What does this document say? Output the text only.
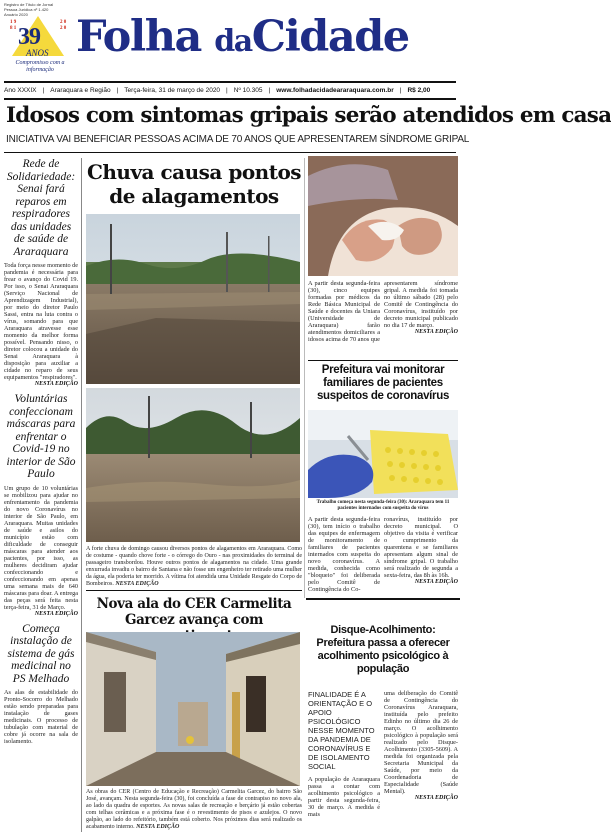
Registro de Título de Jornal Pessoa Jurídica nº 1.420 Anuário 2020
1 9 8 1
2 0 2 0
39
ANOS
Compromisso com a informação
Folha daCidade
Ano XXXIX | Araraquara e Região | Terça-feira, 31 de março de 2020 | Nº 10.305 | www.folhadacidadeararaquara.com.br | R$ 2,00
Idosos com sintomas gripais serão atendidos em casa
INICIATIVA VAI BENEFICIAR PESSOAS ACIMA DE 70 ANOS QUE APRESENTAREM SÍNDROME GRIPAL
Rede de Solidariedade: Senai fará reparos em respiradores das unidades de saúde de Araraquara
Toda força nesse momento de pandemia é necessária para frear o avanço do Covid 19. Por isso, o Senai Araraquara (Serviço Nacional de Aprendizagem Industrial), por meio do diretor Paulo Sassi, entra na luta contra o vírus, somando para que Araraquara atravesse esse momento da melhor forma possível. Pensando nisso, o diretor colocou a unidade do Senai Araraquara à disposição para auxiliar a cidade no reparo de seus equipamentos "respiradores".
NESTA EDIÇÃO
Voluntárias confeccionam máscaras para enfrentar o Covid-19 no interior de São Paulo
Um grupo de 10 voluntárias se mobilizou para ajudar no enfrentamento da pandemia do novo Coronavírus no interior de São Paulo, em Araraquara. Muitas unidades de saúde e asilos do município estão com dificuldade de conseguir máscaras para atender aos pacientes, por isso, as mulheres decidiram ajudar confeccionando e confeccionando em apenas uma semana mais de 640 máscaras para doar. A entrega das peças será feita nesta terça-feira, 31 de Março.
NESTA EDIÇÃO
Começa instalação de sistema de gás medicinal no PS Melhado
As alas de estabilidade do Pronto-Socorro do Melhado estão sendo preparadas para instalação de gases medicinais. O processo de tubulação com material de cobre já ocorre na sala de isolamento.
Chuva causa pontos de alagamentos
A forte chuva de domingo causou diversos pontos de alagamentos em Araraquara. Como de costume - quando chove forte - o córrego do Ouro - nas proximidades do terminal de passageiro transbordou. Houve outros pontos de alagamentos na cidade. Uma grande enxurrada invadiu o bairro de Santana e não fosse um engenheiro ter retirado uma mulher da água, ela poderia ter morrido. A vítima foi atendida uma Unidade Resgate do Corpo de Bombeiros. NESTA EDIÇÃO
Nova ala do CER Carmelita Garcez avança com
As obras do CER (Centro de Educação e Recreação) Carmelita Garcez, do bairro São José, avançam. Nesta segunda-feira (30), foi concluída a fase de contrapiso no novo ala, ao lado da quadra de esportes. As novas salas de recreação e berçário já estão cobertas com telhas cerâmicas e a próxima fase é o revestimento de pisos e azulejos. O novo galpão, ao lado do refeitório, também está coberto. Nos próximos dias será realizado os acabamento interno. NESTA EDIÇÃO
A partir desta segunda-feira (30), cinco equipes formadas por médicos da Rede Básica Municipal de Saúde e docentes da Uniara (Universidade de Araraquara) farão atendimentos domiciliares a idosos acima de 70 anos que
apresentarem síndrome gripal. A medida foi tomada no último sábado (28) pelo Comitê de Contingência do Coronavírus, instituído por decreto municipal publicado no dia 17 de março.
NESTA EDIÇÃO
Prefeitura vai monitorar familiares de pacientes suspeitos de coronavírus
Trabalho começa nesta segunda-feira (30): Araraquara tem 11 pacientes internados com suspeita do vírus
A partir desta segunda-feira (30), tem início o trabalho das equipes de enfermagem de monitoramento de familiares de pacientes internados com suspeita do novo coronavírus. A medida, conhecida como "bloqueio" foi deliberada pelo Comitê de Contingência do Co-
ronavírus, instituído por decreto municipal. O objetivo da visita é verificar o cumprimento da quarentena e se familiares apresentam algum sinal de síndrome gripal. O trabalho será realizado de segunda a sexta-feira, das 8h às 16h.
NESTA EDIÇÃO
Disque-Acolhimento: Prefeitura passa a oferecer acolhimento psicológico à população
FINALIDADE É A ORIENTAÇÃO E O APOIO PSICOLÓGICO NESSE MOMENTO DA PANDEMIA DE CORONAVÍRUS E DE ISOLAMENTO SOCIAL
A população de Araraquara passa a contar com acolhimento psicológico a partir desta segunda-feira, 30 de março. A medida é mais
uma deliberação do Comitê de Contingência do Coronavírus Araraquara, instituída pelo prefeito Edinho no último dia 26 de março. O acolhimento psicológico à população será realizado pelo Disque-Acolhimento (3305-5609). A medida foi organizada pela Secretaria Municipal da Saúde, por meio da Coordenadoria de Especialidade (Saúde Mental).
NESTA EDIÇÃO
